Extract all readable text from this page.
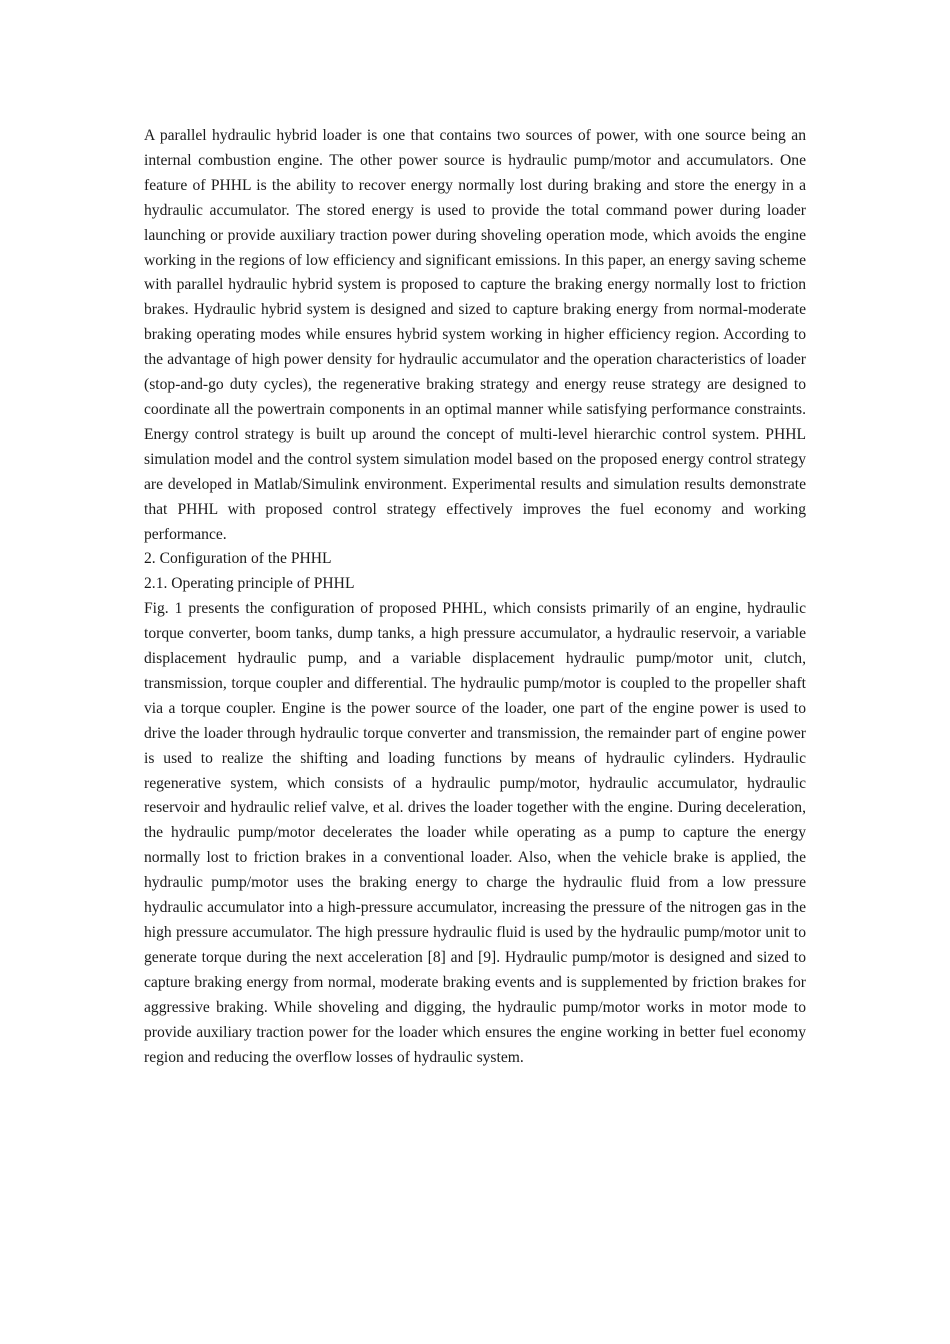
A parallel hydraulic hybrid loader is one that contains two sources of power, with one source being an internal combustion engine. The other power source is hydraulic pump/motor and accumulators. One feature of PHHL is the ability to recover energy normally lost during braking and store the energy in a hydraulic accumulator. The stored energy is used to provide the total command power during loader launching or provide auxiliary traction power during shoveling operation mode, which avoids the engine working in the regions of low efficiency and significant emissions. In this paper, an energy saving scheme with parallel hydraulic hybrid system is proposed to capture the braking energy normally lost to friction brakes. Hydraulic hybrid system is designed and sized to capture braking energy from normal-moderate braking operating modes while ensures hybrid system working in higher efficiency region. According to the advantage of high power density for hydraulic accumulator and the operation characteristics of loader (stop-and-go duty cycles), the regenerative braking strategy and energy reuse strategy are designed to coordinate all the powertrain components in an optimal manner while satisfying performance constraints. Energy control strategy is built up around the concept of multi-level hierarchic control system. PHHL simulation model and the control system simulation model based on the proposed energy control strategy are developed in Matlab/Simulink environment. Experimental results and simulation results demonstrate that PHHL with proposed control strategy effectively improves the fuel economy and working performance.

2. Configuration of the PHHL

2.1. Operating principle of PHHL

Fig. 1 presents the configuration of proposed PHHL, which consists primarily of an engine, hydraulic torque converter, boom tanks, dump tanks, a high pressure accumulator, a hydraulic reservoir, a variable displacement hydraulic pump, and a variable displacement hydraulic pump/motor unit, clutch, transmission, torque coupler and differential. The hydraulic pump/motor is coupled to the propeller shaft via a torque coupler. Engine is the power source of the loader, one part of the engine power is used to drive the loader through hydraulic torque converter and transmission, the remainder part of engine power is used to realize the shifting and loading functions by means of hydraulic cylinders. Hydraulic regenerative system, which consists of a hydraulic pump/motor, hydraulic accumulator, hydraulic reservoir and hydraulic relief valve, et al. drives the loader together with the engine. During deceleration, the hydraulic pump/motor decelerates the loader while operating as a pump to capture the energy normally lost to friction brakes in a conventional loader. Also, when the vehicle brake is applied, the hydraulic pump/motor uses the braking energy to charge the hydraulic fluid from a low pressure hydraulic accumulator into a high-pressure accumulator, increasing the pressure of the nitrogen gas in the high pressure accumulator. The high pressure hydraulic fluid is used by the hydraulic pump/motor unit to generate torque during the next acceleration [8] and [9]. Hydraulic pump/motor is designed and sized to capture braking energy from normal, moderate braking events and is supplemented by friction brakes for aggressive braking. While shoveling and digging, the hydraulic pump/motor works in motor mode to provide auxiliary traction power for the loader which ensures the engine working in better fuel economy region and reducing the overflow losses of hydraulic system.
